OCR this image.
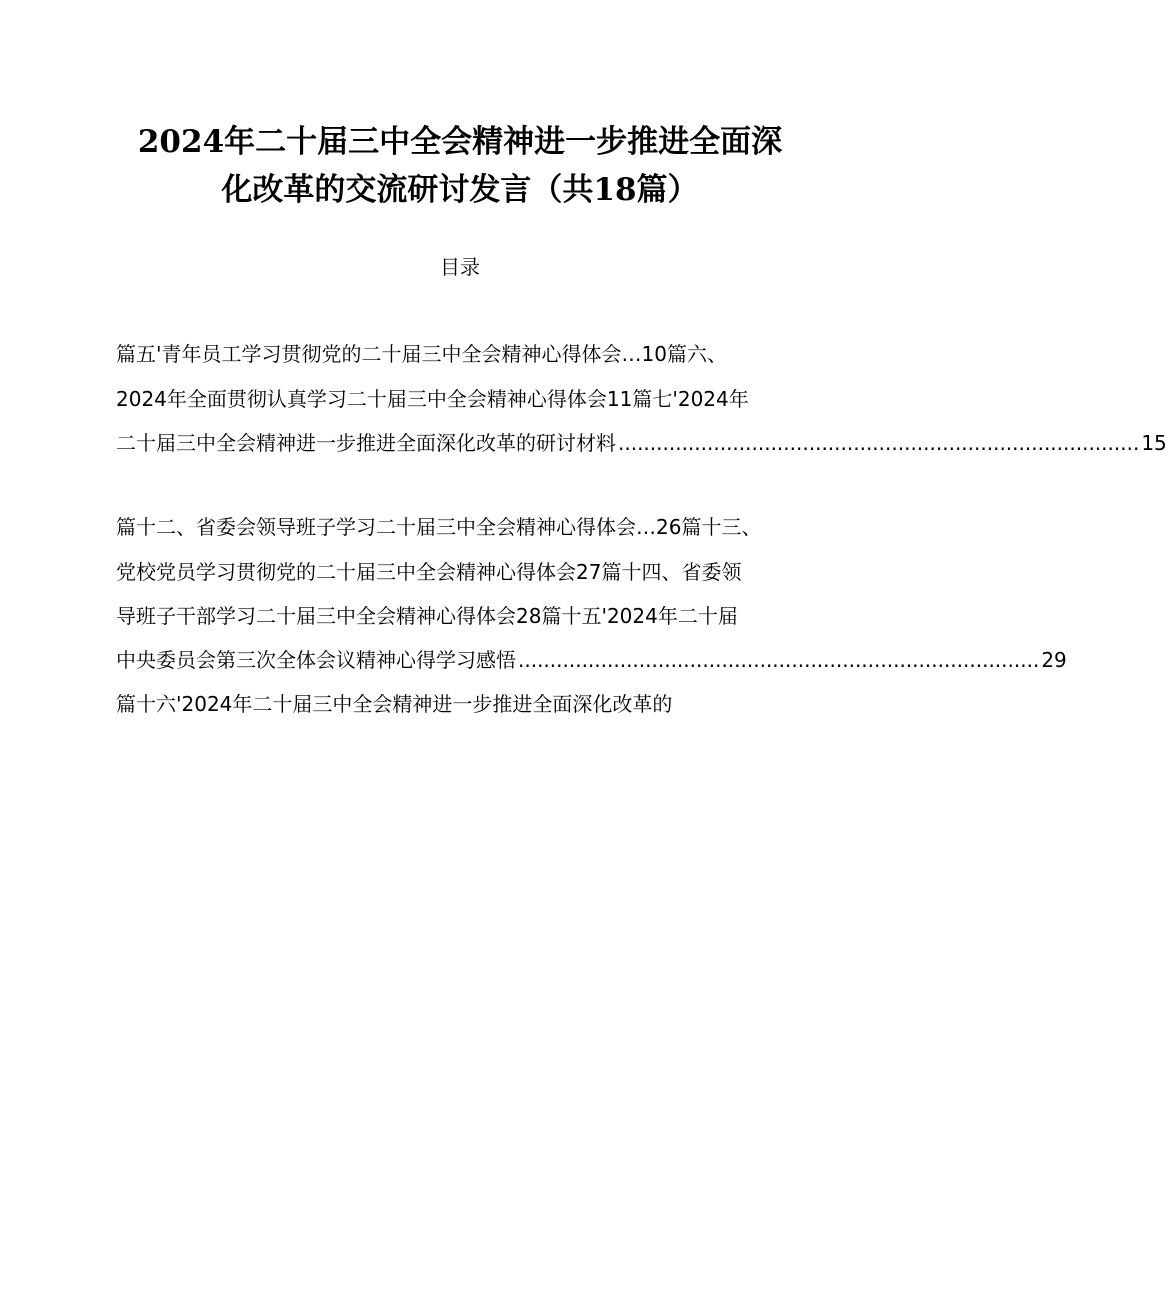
2024年二十届三中全会精神进一步推进全面深
化改革的交流研讨发言（共18篇）
目录
篇五'青年员工学习贯彻党的二十届三中全会精神心得体会…10篇六、
2024年全面贯彻认真学习二十届三中全会精神心得体会11篇七'2024年
二十届三中全会精神进一步推进全面深化改革的研讨材料 .................................................................................. 15
篇十二、省委会领导班子学习二十届三中全会精神心得体会…26篇十三、
党校党员学习贯彻党的二十届三中全会精神心得体会27篇十四、省委领
导班子干部学习二十届三中全会精神心得体会28篇十五'2024年二十届
中央委员会第三次全体会议精神心得学习感悟 .................................................................................. 29
篇十六'2024年二十届三中全会精神进一步推进全面深化改革的
